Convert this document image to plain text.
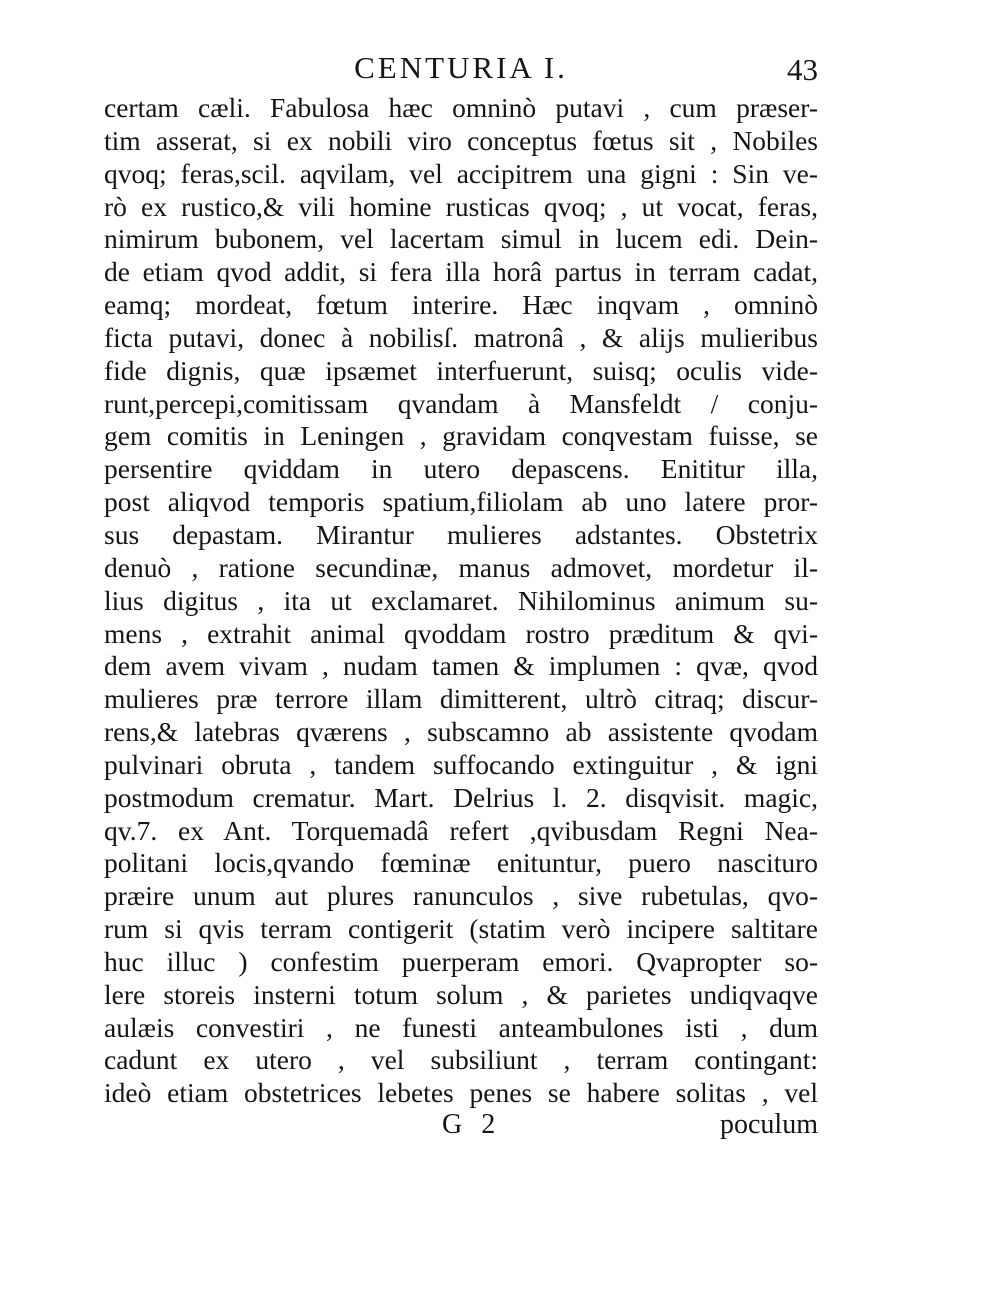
CENTURIA I.	43
certam cæli. Fabulosa hæc omninò putavi , cum præser-
tim asserat, si ex nobili viro conceptus fœtus sit , Nobiles
qvoq; feras,scil. aqvilam, vel accipitrem una gigni : Sin ve-
rò ex rustico,& vili homine rusticas qvoq; , ut vocat, feras,
nimirum bubonem, vel lacertam simul in lucem edi. Dein-
de etiam qvod addit, si fera illa horâ partus in terram cadat,
eamq; mordeat, fœtum interire. Hæc inqvam , omninò
ficta putavi, donec à nobilisſ. matronâ , & alijs mulieribus
fide dignis, quæ ipsæmet interfuerunt, suisq; oculis vide-
runt,percepi,comitissam qvandam à Mansfeldt / conju-
gem comitis in Leningen , gravidam conqvestam fuisse, se
persentire qviddam in utero depascens. Enititur illa,
post aliqvod temporis spatium,filiolam ab uno latere pror-
sus depastam. Mirantur mulieres adstantes. Obstetrix
denuò , ratione secundinæ, manus admovet, mordetur il-
lius digitus , ita ut exclamaret. Nihilominus animum su-
mens , extrahit animal qvoddam rostro præditum & qvi-
dem avem vivam , nudam tamen & implumen : qvæ, qvod
mulieres præ terrore illam dimitterent, ultrò citraq; discur-
rens,& latebras qværens , subscamno ab assistente qvodam
pulvinari obruta , tandem suffocando extinguitur , & igni
postmodum crematur. Mart. Delrius l. 2. disqvisit. magic,
qv.7. ex Ant. Torquemadâ refert ,qvibusdam Regni Nea-
politani locis,qvando fœminæ enituntur, puero nasciturо
præire unum aut plures ranunculos , sive rubetulas, qvo-
rum si qvis terram contigerit (statim verò incipere saltitare
huc illuc ) confestim puerperam emori. Qvapropter so-
lere storeis insterni totum solum , & parietes undiqvaqve
aulæis convestiri , ne funesti anteambulones isti , dum
cadunt ex utero , vel subsiliunt , terram contingant:
ideò etiam obstetrices lebetes penes se habere solitas , vel
G 2	poculum
